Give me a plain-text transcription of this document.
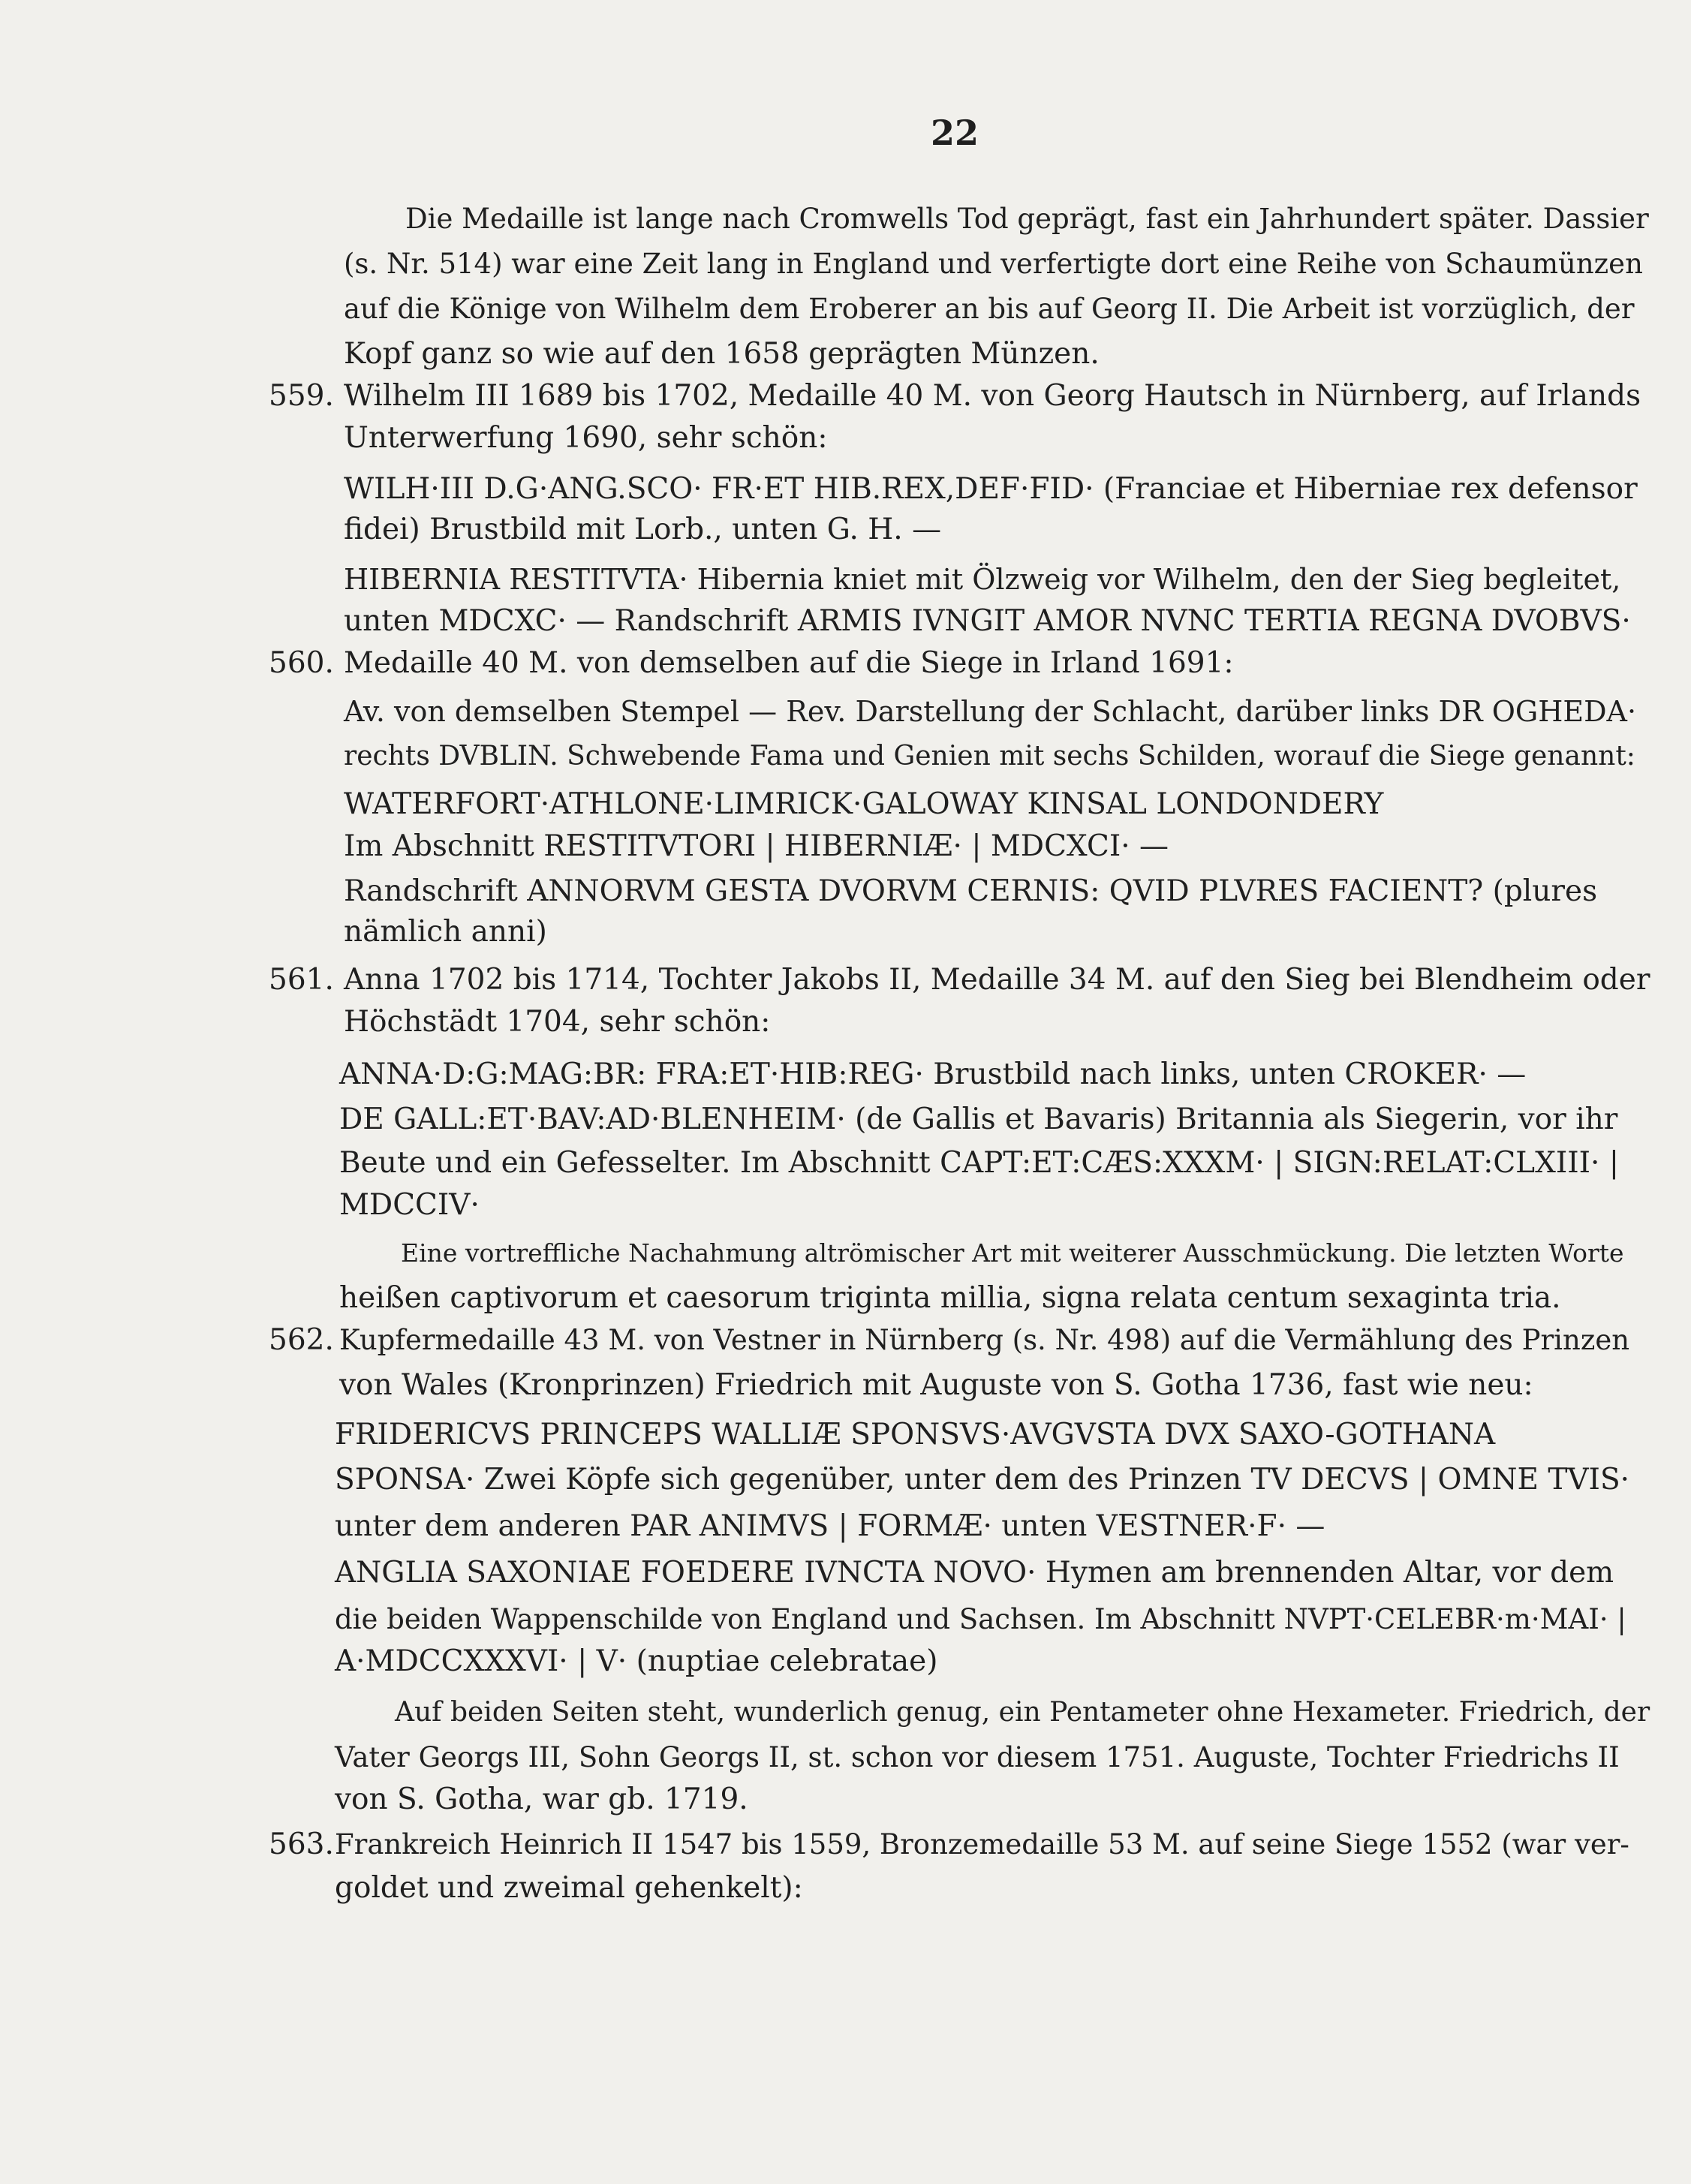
22
Die Medaille ist lange nach Cromwells Tod geprägt, fast ein Jahrhundert später. Dassier
(s. Nr. 514) war eine Zeit lang in England und verfertigte dort eine Reihe von Schaumünzen
auf die Könige von Wilhelm dem Eroberer an bis auf Georg II. Die Arbeit ist vorzüglich, der
Kopf ganz so wie auf den 1658 geprägten Münzen.
559. Wilhelm III 1689 bis 1702, Medaille 40 M. von Georg Hautsch in Nürnberg, auf Irlands
Unterwerfung 1690, sehr schön:
WILH·III D.G·ANG.SCO· FR·ET HIB.REX,DEF·FID· (Franciae et Hiberniae rex defensor
fidei) Brustbild mit Lorb., unten G. H. —
HIBERNIA RESTITVTA· Hibernia kniet mit Ölzweig vor Wilhelm, den der Sieg begleitet,
unten MDCXC· — Randschrift ARMIS IVNGIT AMOR NVNC TERTIA REGNA DVOBVS·
560. Medaille 40 M. von demselben auf die Siege in Irland 1691:
Av. von demselben Stempel — Rev. Darstellung der Schlacht, darüber links DR OGHEDA·
rechts DVBLIN. Schwebende Fama und Genien mit sechs Schilden, worauf die Siege genannt:
WATERFORT·ATHLONE·LIMRICK·GALOWAY KINSAL LONDONDERY
Im Abschnitt RESTITVTORI | HIBERNIÆ· | MDCXCI· —
Randschrift ANNORVM GESTA DVORVM CERNIS: QVID PLVRES FACIENT? (plures
nämlich anni)
561. Anna 1702 bis 1714, Tochter Jakobs II, Medaille 34 M. auf den Sieg bei Blendheim oder
Höchstädt 1704, sehr schön:
ANNA·D:G:MAG:BR: FRA:ET·HIB:REG· Brustbild nach links, unten CROKER· —
DE GALL:ET·BAV:AD·BLENHEIM· (de Gallis et Bavaris) Britannia als Siegerin, vor ihr
Beute und ein Gefesselter. Im Abschnitt CAPT:ET:CÆS:XXXM· | SIGN:RELAT:CLXIII· |
MDCCIV·
Eine vortreffliche Nachahmung altrömischer Art mit weiterer Ausschmückung. Die letzten Worte
heißen captivorum et caesorum triginta millia, signa relata centum sexaginta tria.
562. Kupfermedaille 43 M. von Vestner in Nürnberg (s. Nr. 498) auf die Vermählung des Prinzen
von Wales (Kronprinzen) Friedrich mit Auguste von S. Gotha 1736, fast wie neu:
FRIDERICVS PRINCEPS WALLIÆ SPONSVS·AVGVSTA DVX SAXO-GOTHANA
SPONSA· Zwei Köpfe sich gegenüber, unter dem des Prinzen TV DECVS | OMNE TVIS·
unter dem anderen PAR ANIMVS | FORMÆ· unten VESTNER·F· —
ANGLIA SAXONIAE FOEDERE IVNCTA NOVO· Hymen am brennenden Altar, vor dem
die beiden Wappenschilde von England und Sachsen. Im Abschnitt NVPT·CELEBR·m·MAI· |
A·MDCCXXXVI· | V· (nuptiae celebratae)
Auf beiden Seiten steht, wunderlich genug, ein Pentameter ohne Hexameter. Friedrich, der
Vater Georgs III, Sohn Georgs II, st. schon vor diesem 1751. Auguste, Tochter Friedrichs II
von S. Gotha, war gb. 1719.
563. Frankreich Heinrich II 1547 bis 1559, Bronzemedaille 53 M. auf seine Siege 1552 (war ver-
goldet und zweimal gehenkelt):
